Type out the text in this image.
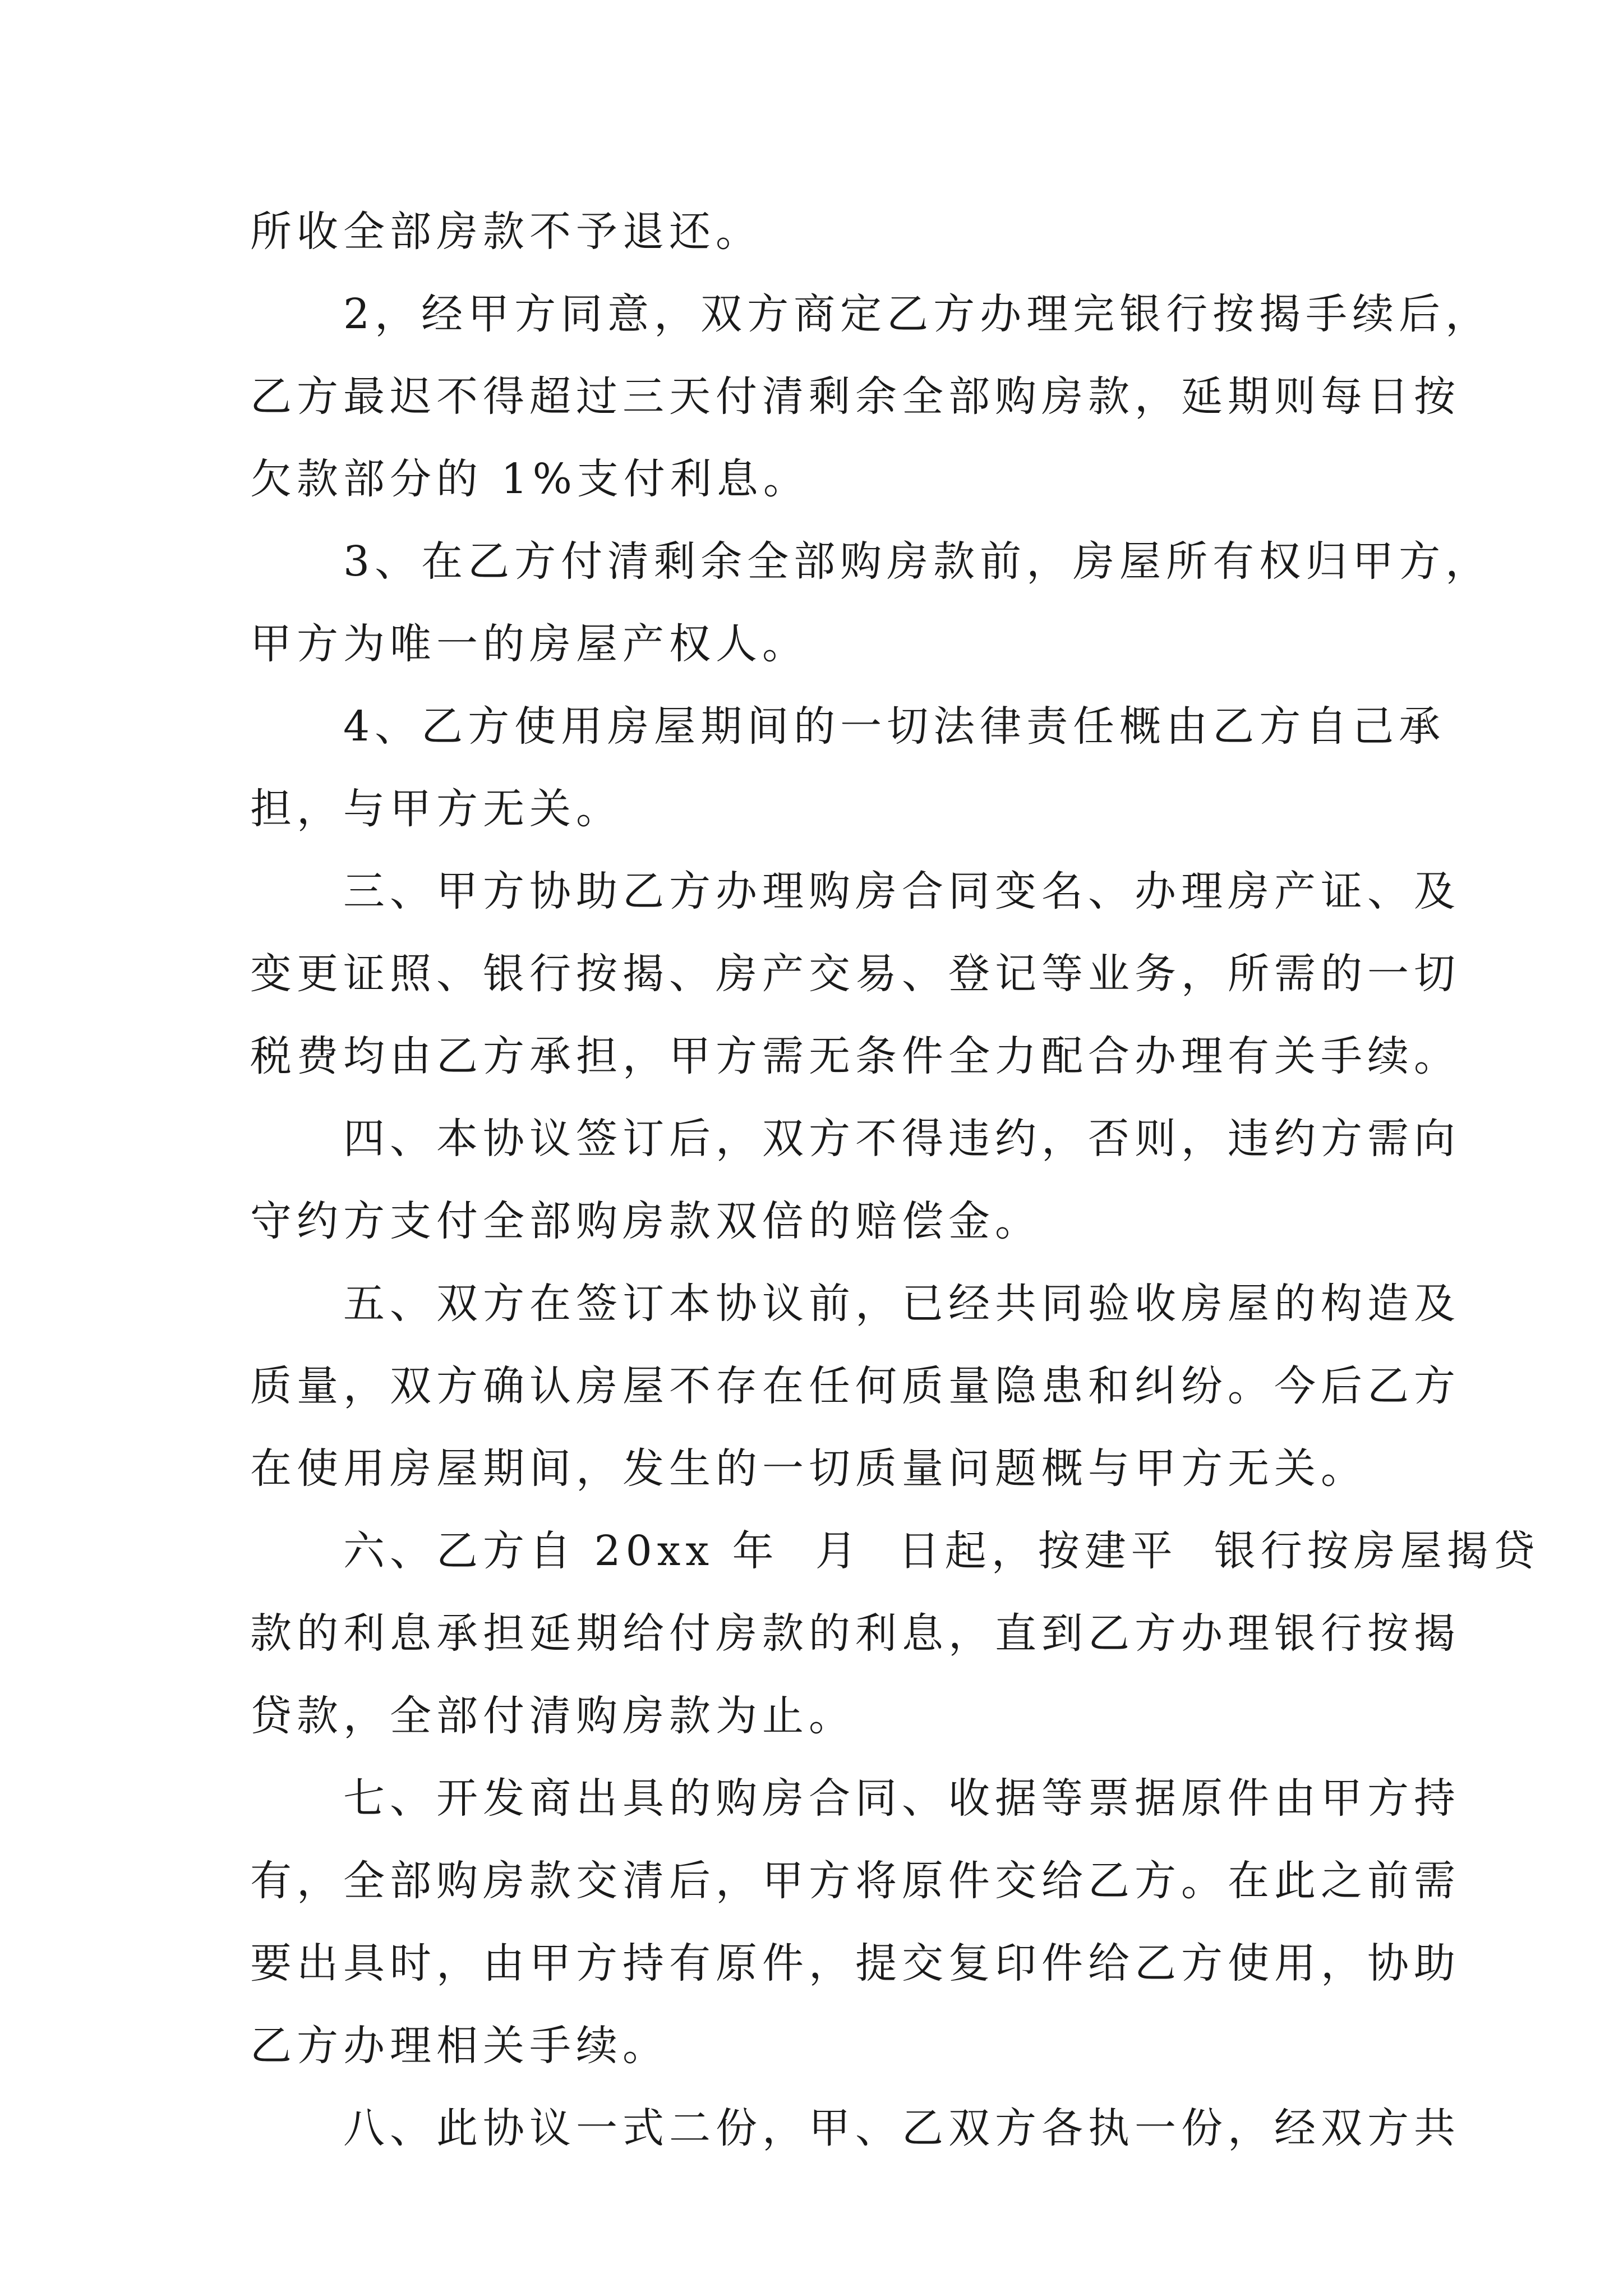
所收全部房款不予退还。
2，经甲方同意，双方商定乙方办理完银行按揭手续后，
乙方最迟不得超过三天付清剩余全部购房款，延期则每日按
欠款部分的 1%支付利息。
3、在乙方付清剩余全部购房款前，房屋所有权归甲方，
甲方为唯一的房屋产权人。
4、乙方使用房屋期间的一切法律责任概由乙方自己承
担，与甲方无关。
三、甲方协助乙方办理购房合同变名、办理房产证、及
变更证照、银行按揭、房产交易、登记等业务，所需的一切
税费均由乙方承担，甲方需无条件全力配合办理有关手续。
四、本协议签订后，双方不得违约，否则，违约方需向
守约方支付全部购房款双倍的赔偿金。
五、双方在签订本协议前，已经共同验收房屋的构造及
质量，双方确认房屋不存在任何质量隐患和纠纷。今后乙方
在使用房屋期间，发生的一切质量问题概与甲方无关。
六、乙方自 20xx 年  月  日起，按建平  银行按房屋揭贷
款的利息承担延期给付房款的利息，直到乙方办理银行按揭
贷款，全部付清购房款为止。
七、开发商出具的购房合同、收据等票据原件由甲方持
有，全部购房款交清后，甲方将原件交给乙方。在此之前需
要出具时，由甲方持有原件，提交复印件给乙方使用，协助
乙方办理相关手续。
八、此协议一式二份，甲、乙双方各执一份，经双方共
